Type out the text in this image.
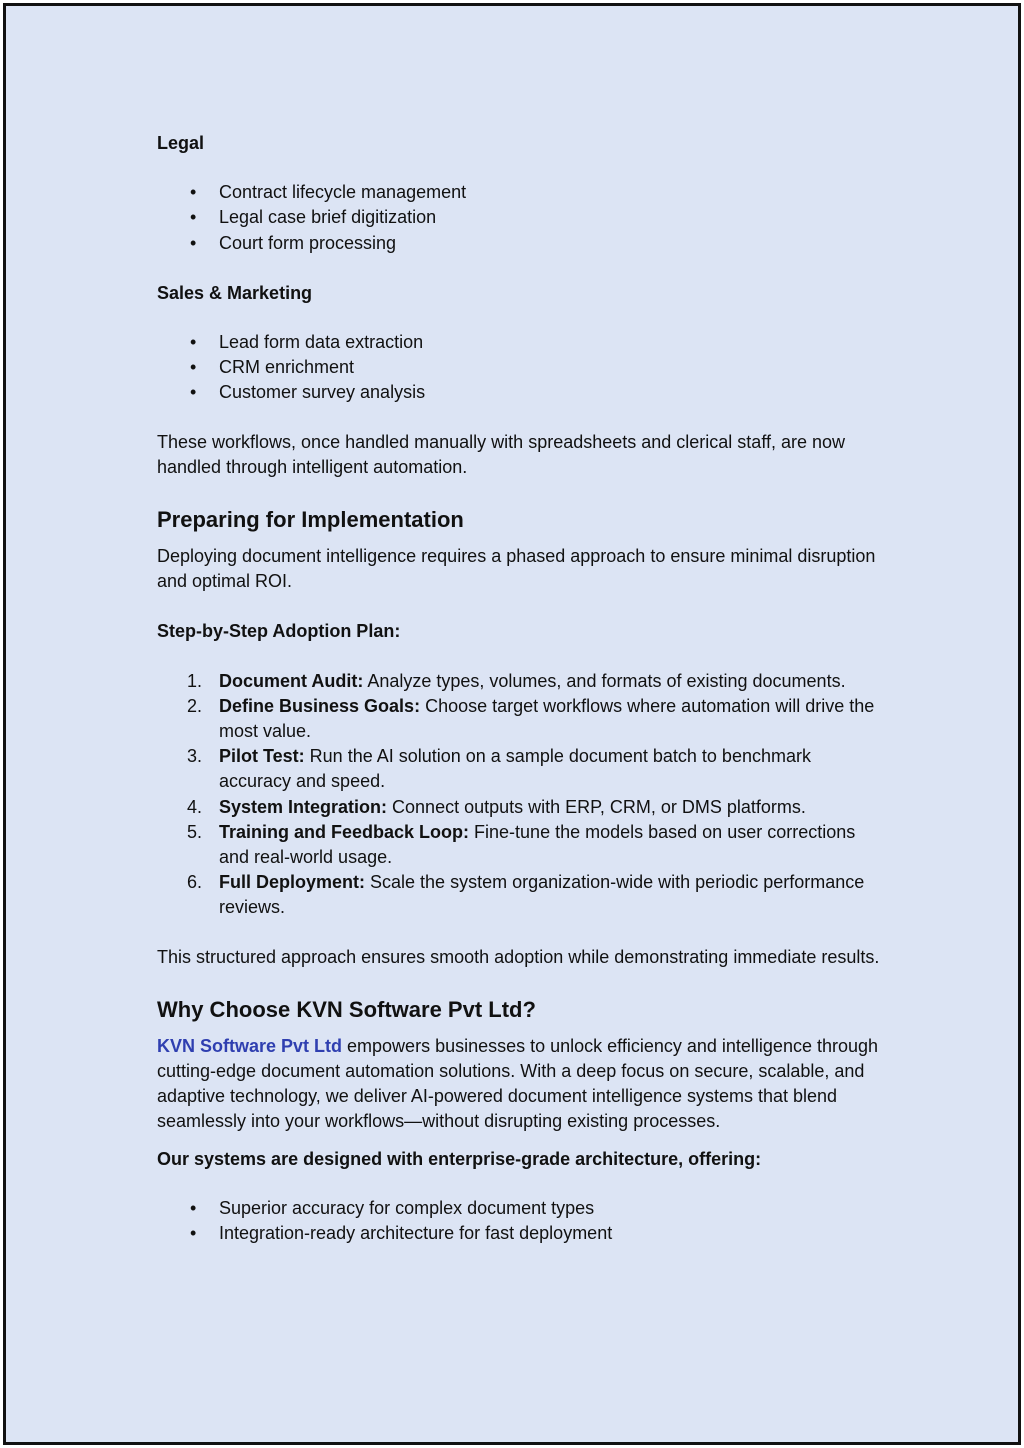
Legal

• Contract lifecycle management
• Legal case brief digitization
• Court form processing

Sales & Marketing

• Lead form data extraction
• CRM enrichment
• Customer survey analysis

These workflows, once handled manually with spreadsheets and clerical staff, are now handled through intelligent automation.

Preparing for Implementation

Deploying document intelligence requires a phased approach to ensure minimal disruption and optimal ROI.

Step-by-Step Adoption Plan:

1. Document Audit: Analyze types, volumes, and formats of existing documents.
2. Define Business Goals: Choose target workflows where automation will drive the most value.
3. Pilot Test: Run the AI solution on a sample document batch to benchmark accuracy and speed.
4. System Integration: Connect outputs with ERP, CRM, or DMS platforms.
5. Training and Feedback Loop: Fine-tune the models based on user corrections and real-world usage.
6. Full Deployment: Scale the system organization-wide with periodic performance reviews.

This structured approach ensures smooth adoption while demonstrating immediate results.

Why Choose KVN Software Pvt Ltd?

KVN Software Pvt Ltd empowers businesses to unlock efficiency and intelligence through cutting-edge document automation solutions. With a deep focus on secure, scalable, and adaptive technology, we deliver AI-powered document intelligence systems that blend seamlessly into your workflows—without disrupting existing processes.

Our systems are designed with enterprise-grade architecture, offering:

• Superior accuracy for complex document types
• Integration-ready architecture for fast deployment
